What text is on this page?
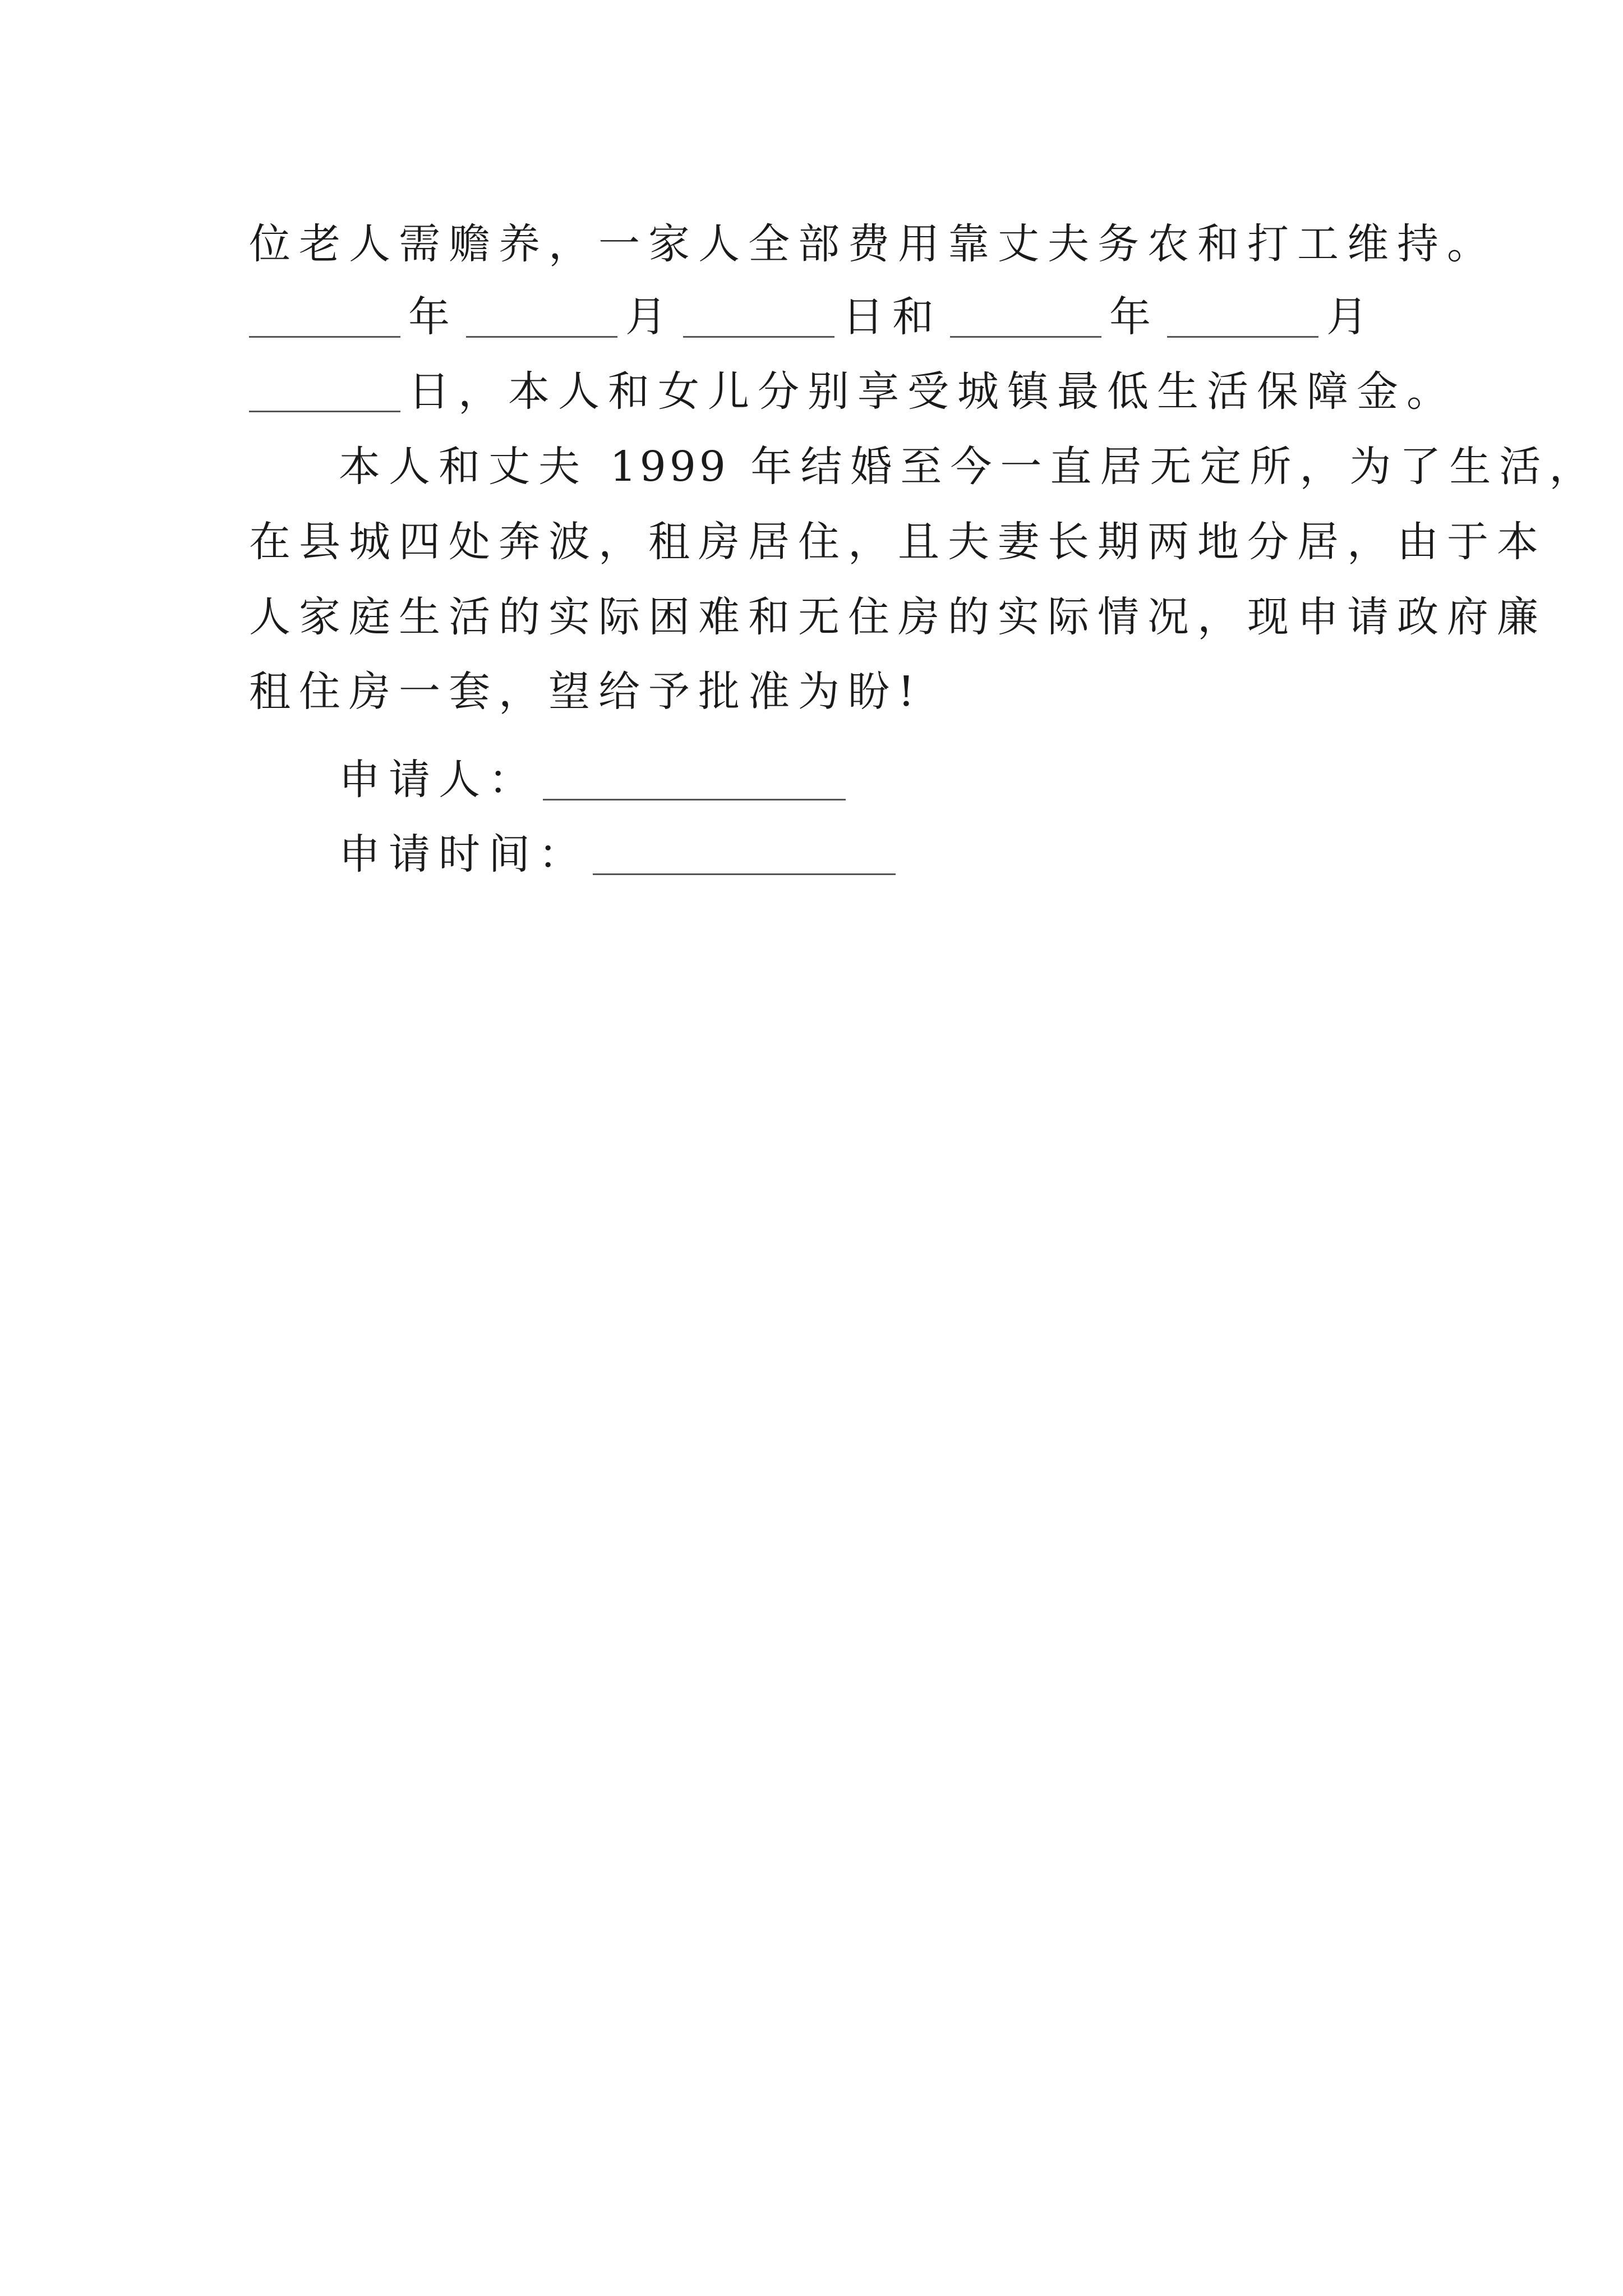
位老人需赡养，一家人全部费用靠丈夫务农和打工维持。
年	月	日和	年	月
日，本人和女儿分别享受城镇最低生活保障金。
本人和丈夫 1999 年结婚至今一直居无定所，为了生活，
在县城四处奔波，租房居住，且夫妻长期两地分居，由于本
人家庭生活的实际困难和无住房的实际情况，现申请政府廉
租住房一套，望给予批准为盼!
申请人：
申请时间：
